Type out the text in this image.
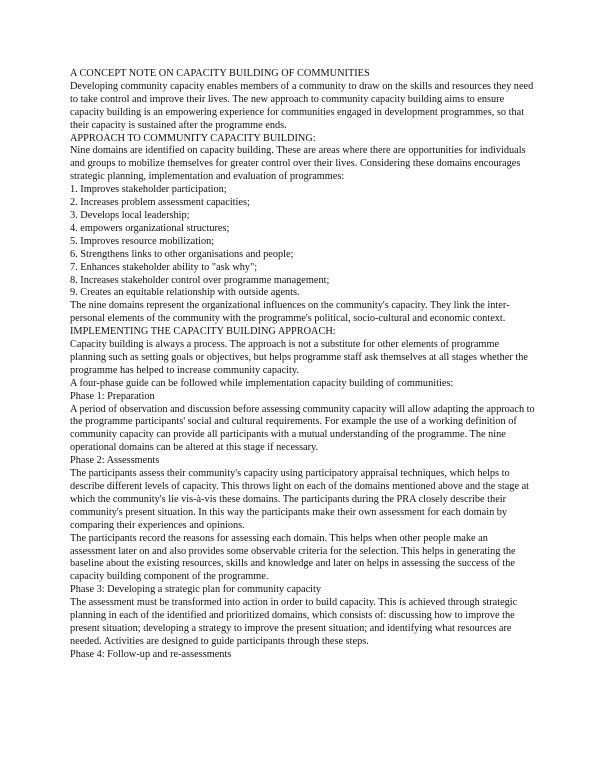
A CONCEPT NOTE ON CAPACITY BUILDING OF COMMUNITIES

Developing community capacity enables members of a community to draw on the skills and resources they need to take control and improve their lives. The new approach to community capacity building aims to ensure capacity building is an empowering experience for communities engaged in development programmes, so that their capacity is sustained after the programme ends.

APPROACH TO COMMUNITY CAPACITY BUILDING:

Nine domains are identified on capacity building. These are areas where there are opportunities for individuals and groups to mobilize themselves for greater control over their lives. Considering these domains encourages strategic planning, implementation and evaluation of programmes:

1. Improves stakeholder participation;
2. Increases problem assessment capacities;
3. Develops local leadership;
4. empowers organizational structures;
5. Improves resource mobilization;
6. Strengthens links to other organisations and people;
7. Enhances stakeholder ability to "ask why";
8. Increases stakeholder control over programme management;
9. Creates an equitable relationship with outside agents.

The nine domains represent the organizational influences on the community's capacity. They link the inter-personal elements of the community with the programme's political, socio-cultural and economic context.

IMPLEMENTING THE CAPACITY BUILDING APPROACH:

Capacity building is always a process. The approach is not a substitute for other elements of programme planning such as setting goals or objectives, but helps programme staff ask themselves at all stages whether the programme has helped to increase community capacity.

A four-phase guide can be followed while implementation capacity building of communities:

Phase 1: Preparation

A period of observation and discussion before assessing community capacity will allow adapting the approach to the programme participants' social and cultural requirements. For example the use of a working definition of community capacity can provide all participants with a mutual understanding of the programme. The nine operational domains can be altered at this stage if necessary.

Phase 2: Assessments

The participants assess their community's capacity using participatory appraisal techniques, which helps to describe different levels of capacity. This throws light on each of the domains mentioned above and the stage at which the community's lie vis-à-vis these domains. The participants during the PRA closely describe their community's present situation. In this way the participants make their own assessment for each domain by comparing their experiences and opinions.

The participants record the reasons for assessing each domain. This helps when other people make an assessment later on and also provides some observable criteria for the selection. This helps in generating the baseline about the existing resources, skills and knowledge and later on helps in assessing the success of the capacity building component of the programme.

Phase 3: Developing a strategic plan for community capacity

The assessment must be transformed into action in order to build capacity. This is achieved through strategic planning in each of the identified and prioritized domains, which consists of: discussing how to improve the present situation; developing a strategy to improve the present situation; and identifying what resources are needed. Activities are designed to guide participants through these steps.

Phase 4: Follow-up and re-assessments
